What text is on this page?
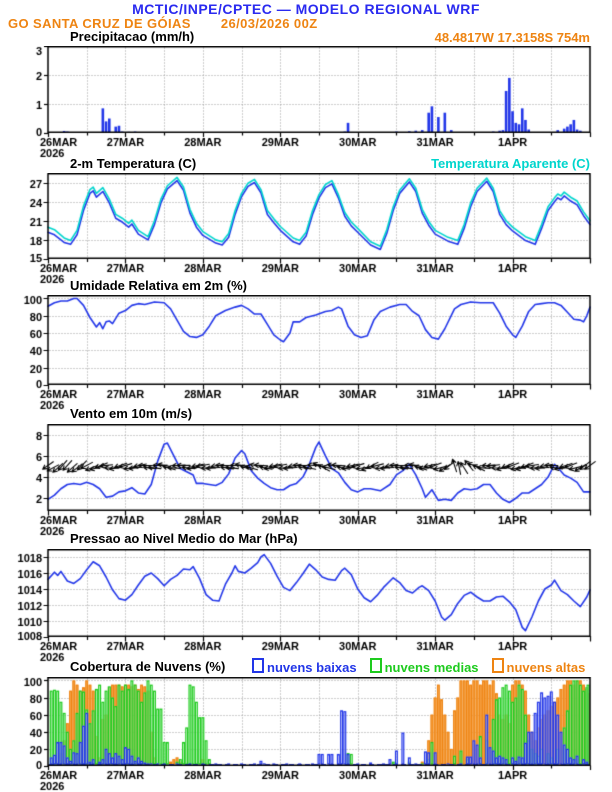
MCTIC/INPE/CPTEC — MODELO REGIONAL WRF
GO SANTA CRUZ DE GÓIAS 26/03/2026 00Z
Precipitacao (mm/h)	48.4817W 17.3158S 754m
2-m Temperatura (C)	Temperatura Aparente (C)
Umidade Relativa em 2m (%)
Vento em 10m (m/s)
Pressao ao Nivel Medio do Mar (hPa)
Cobertura de Nuvens (%)	nuvens baixas	nuvens medias	nuvens altas
